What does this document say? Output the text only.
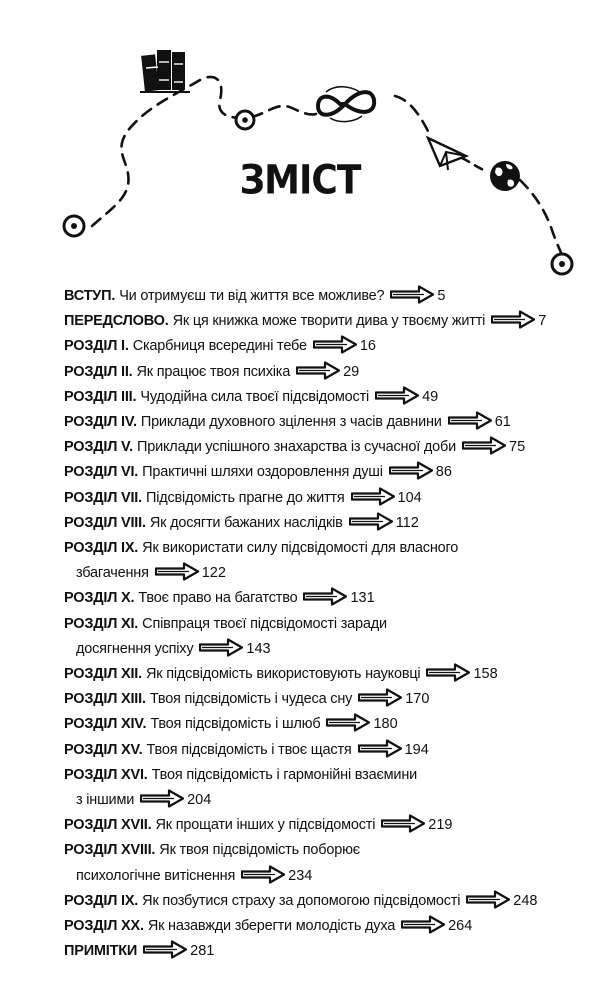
ЗМІСТ
ВСТУП. Чи отримуєш ти від життя все можливе?	5
ПЕРЕДСЛОВО. Як ця книжка може творити дива у твоєму житті	7
РОЗДІЛ І. Скарбниця всередині тебе	16
РОЗДІЛ ІІ. Як працює твоя психіка	29
РОЗДІЛ ІІІ. Чудодійна сила твоєї підсвідомості	49
РОЗДІЛ IV. Приклади духовного зцілення з часів давнини	61
РОЗДІЛ V. Приклади успішного знахарства із сучасної доби	75
РОЗДІЛ VI. Практичні шляхи оздоровлення душі	86
РОЗДІЛ VII. Підсвідомість прагне до життя	104
РОЗДІЛ VIII. Як досягти бажаних наслідків	112
РОЗДІЛ IX. Як використати силу підсвідомості для власного
збагачення	122
РОЗДІЛ X. Твоє право на багатство	131
РОЗДІЛ XI. Співпраця твоєї підсвідомості заради
досягнення успіху	143
РОЗДІЛ XII. Як підсвідомість використовують науковці	158
РОЗДІЛ XIII. Твоя підсвідомість і чудеса сну	170
РОЗДІЛ XIV. Твоя підсвідомість і шлюб	180
РОЗДІЛ XV. Твоя підсвідомість і твоє щастя	194
РОЗДІЛ XVI. Твоя підсвідомість і гармонійні взаємини
з іншими	204
РОЗДІЛ XVII. Як прощати інших у підсвідомості	219
РОЗДІЛ XVIII. Як твоя підсвідомість поборює
психологічне витіснення	234
РОЗДІЛ IX. Як позбутися страху за допомогою підсвідомості	248
РОЗДІЛ XX. Як назавжди зберегти молодість духа	264
ПРИМІТКИ	281
